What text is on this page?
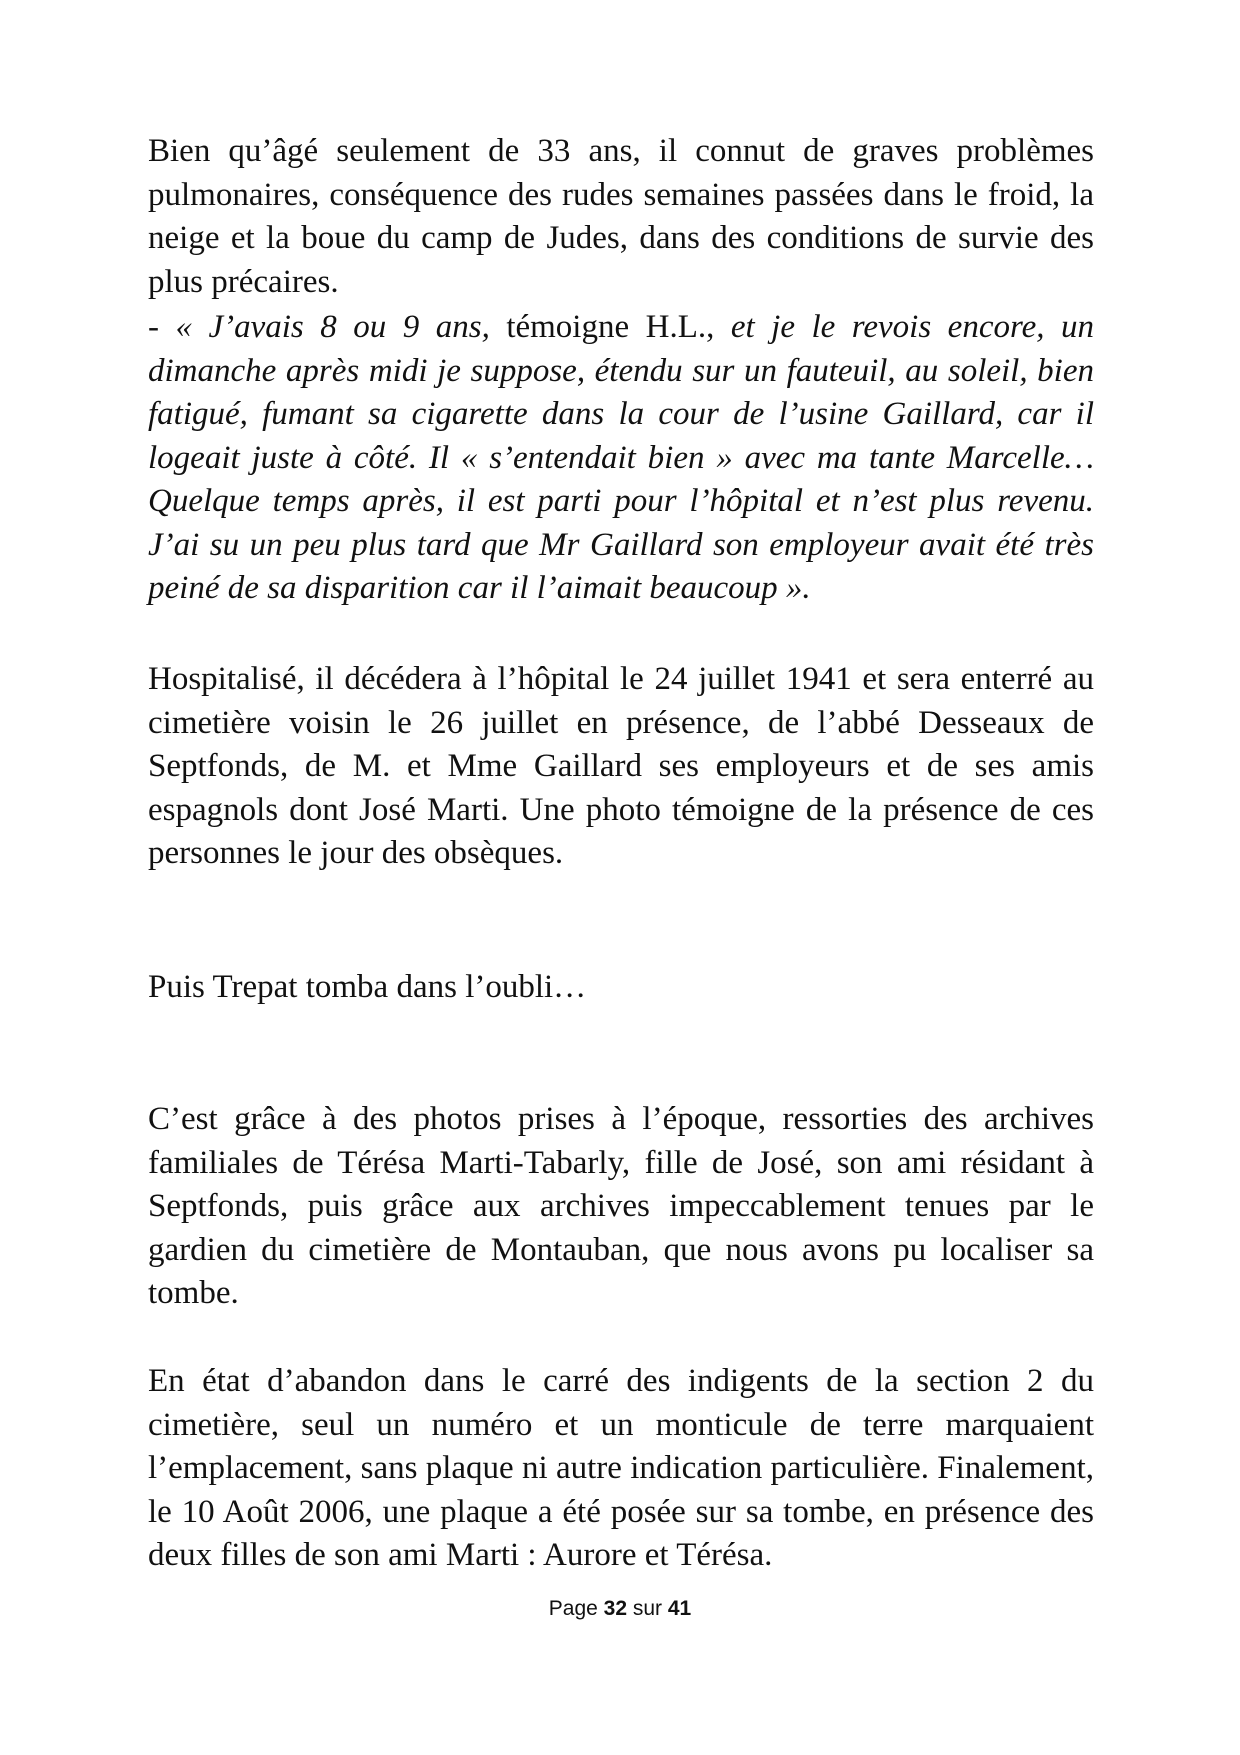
Bien qu’âgé seulement de 33 ans, il connut de graves problèmes pulmonaires, conséquence des rudes semaines passées dans le froid, la neige et la boue du camp de Judes, dans des conditions de survie des plus précaires.

- « J’avais 8 ou 9 ans, témoigne H.L., et je le revois encore, un dimanche après midi je suppose, étendu sur un fauteuil, au soleil, bien fatigué, fumant sa cigarette dans la cour de l’usine Gaillard, car il logeait juste à côté. Il « s’entendait bien » avec ma tante Marcelle… Quelque temps après, il est parti pour l’hôpital et n’est plus revenu. J’ai su un peu plus tard que Mr Gaillard son employeur avait été très peiné de sa disparition car il l’aimait beaucoup ».

Hospitalisé, il décédera à l’hôpital le 24 juillet 1941 et sera enterré au cimetière voisin le 26 juillet en présence, de l’abbé Desseaux de Septfonds, de M. et Mme Gaillard ses employeurs et de ses amis espagnols dont José Marti. Une photo témoigne de la présence de ces personnes le jour des obsèques.

Puis Trepat tomba dans l’oubli…

C’est grâce à des photos prises à l’époque, ressorties des archives familiales de Térésa Marti-Tabarly, fille de José, son ami résidant à Septfonds, puis grâce aux archives impeccablement tenues par le gardien du cimetière de Montauban, que nous avons pu localiser sa tombe.

En état d’abandon dans le carré des indigents de la section 2 du cimetière, seul un numéro et un monticule de terre marquaient l’emplacement, sans plaque ni autre indication particulière. Finalement, le 10 Août 2006, une plaque a été posée sur sa tombe, en présence des deux filles de son ami Marti : Aurore et Térésa.

Page 32 sur 41
